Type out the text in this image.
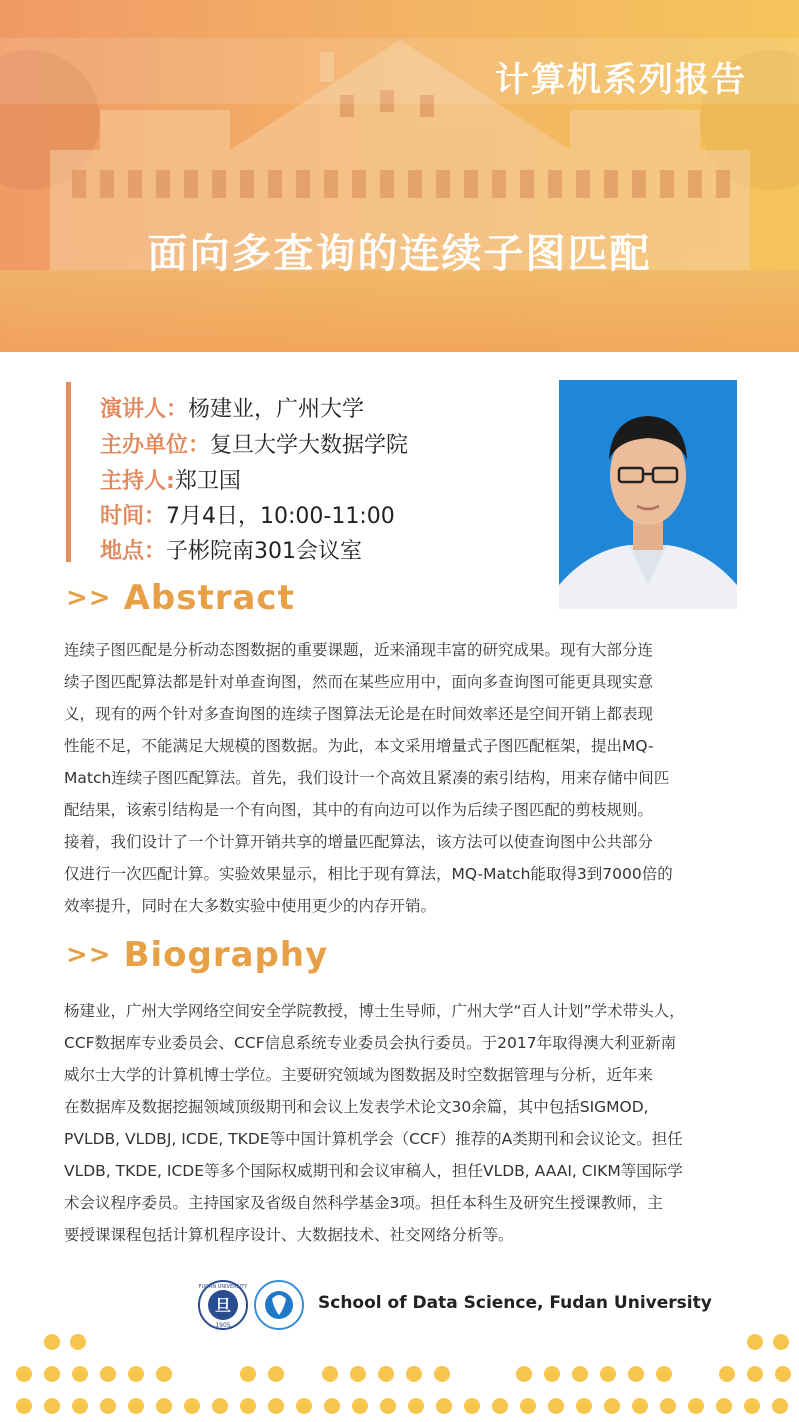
计算机系列报告
面向多查询的连续子图匹配
演讲人：杨建业，广州大学
主办单位：复旦大学大数据学院
主持人:郑卫国
时间：7月4日，10:00-11:00
地点：子彬院南301会议室
>> Abstract
连续子图匹配是分析动态图数据的重要课题，近来涌现丰富的研究成果。现有大部分连
续子图匹配算法都是针对单查询图，然而在某些应用中，面向多查询图可能更具现实意
义，现有的两个针对多查询图的连续子图算法无论是在时间效率还是空间开销上都表现
性能不足，不能满足大规模的图数据。为此，本文采用增量式子图匹配框架，提出MQ-
Match连续子图匹配算法。首先，我们设计一个高效且紧凑的索引结构，用来存储中间匹
配结果，该索引结构是一个有向图，其中的有向边可以作为后续子图匹配的剪枝规则。
接着，我们设计了一个计算开销共享的增量匹配算法，该方法可以使查询图中公共部分
仅进行一次匹配计算。实验效果显示，相比于现有算法，MQ-Match能取得3到7000倍的
效率提升，同时在大多数实验中使用更少的内存开销。
>> Biography
杨建业，广州大学网络空间安全学院教授，博士生导师，广州大学“百人计划”学术带头人，
CCF数据库专业委员会、CCF信息系统专业委员会执行委员。于2017年取得澳大利亚新南
威尔士大学的计算机博士学位。主要研究领域为图数据及时空数据管理与分析，近年来
在数据库及数据挖掘领域顶级期刊和会议上发表学术论文30余篇，其中包括SIGMOD,
PVLDB, VLDBJ, ICDE, TKDE等中国计算机学会（CCF）推荐的A类期刊和会议论文。担任
VLDB, TKDE, ICDE等多个国际权威期刊和会议审稿人，担任VLDB, AAAI, CIKM等国际学
术会议程序委员。主持国家及省级自然科学基金3项。担任本科生及研究生授课教师，主
要授课课程包括计算机程序设计、大数据技术、社交网络分析等。
旦
FUDAN UNIVERSITY
1905
School of Data Science, Fudan University
